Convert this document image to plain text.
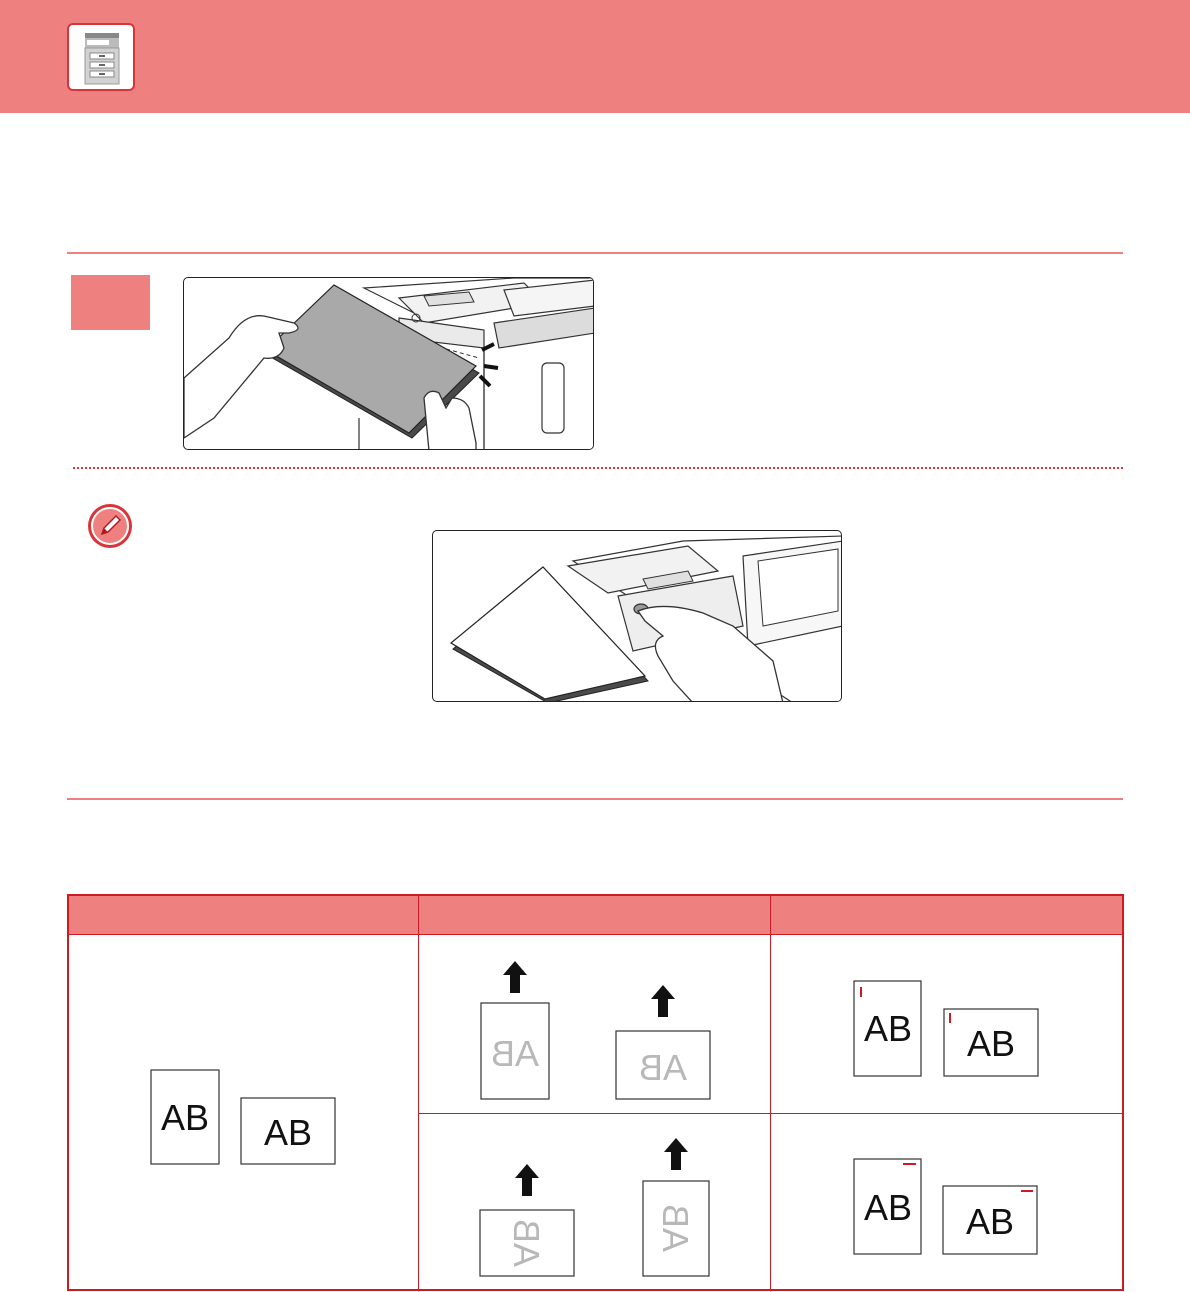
AB AB
AB	AB
AB	AB
AB AB
AB AB
